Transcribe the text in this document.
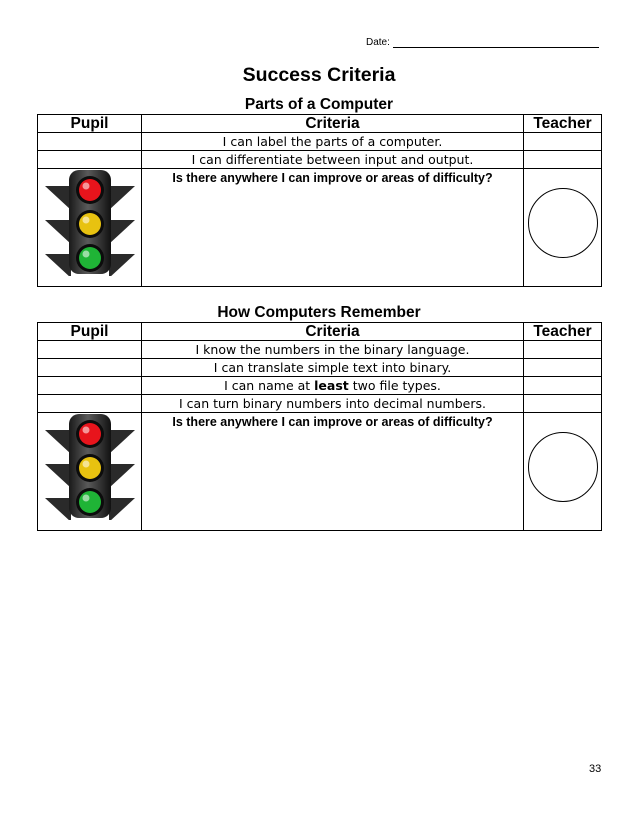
Date:
Success Criteria
Parts of a Computer
Pupil	Criteria	Teacher
	I can label the parts of a computer.	
	I can differentiate between input and output.	

Is there anywhere I can improve or areas of difficulty?	

How Computers Remember
Pupil	Criteria	Teacher
	I know the numbers in the binary language.	
	I can translate simple text into binary.	
	I can name at least two file types.	
	I can turn binary numbers into decimal numbers.	

Is there anywhere I can improve or areas of difficulty?	

33
